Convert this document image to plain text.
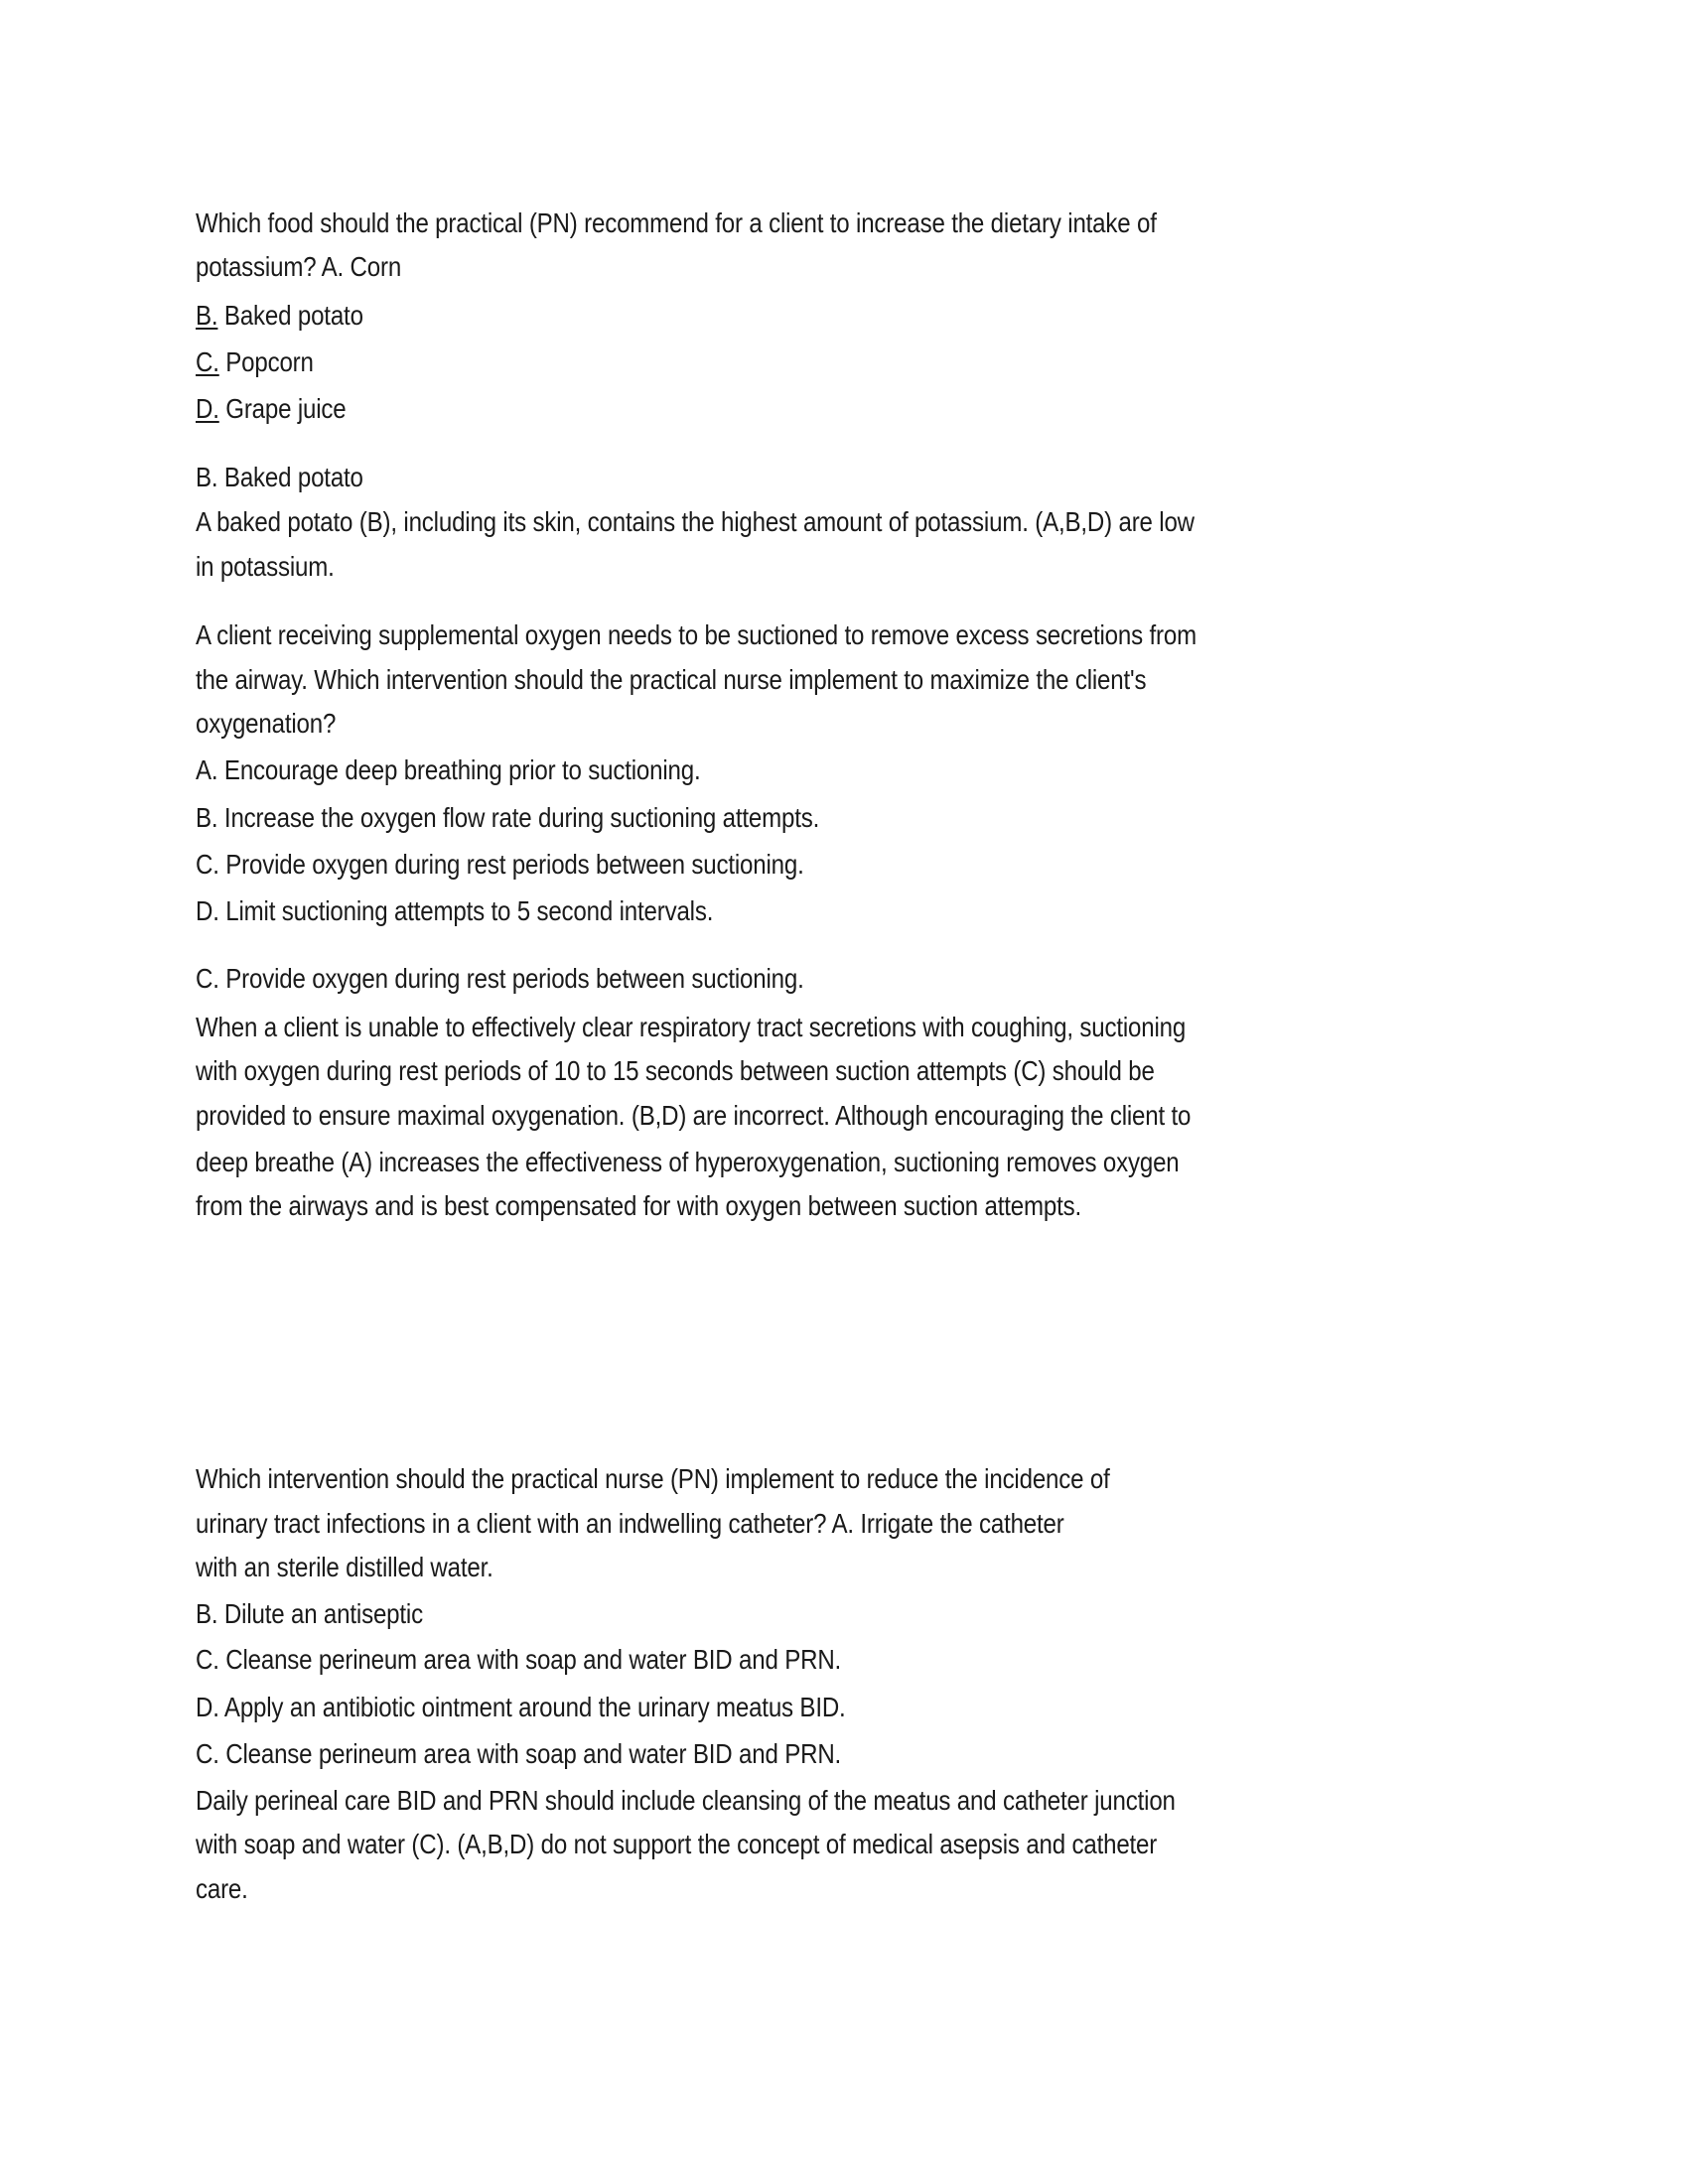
Which food should the practical (PN) recommend for a client to increase the dietary intake of
potassium? A. Corn
B. Baked potato
C. Popcorn
D. Grape juice
B. Baked potato
A baked potato (B), including its skin, contains the highest amount of potassium. (A,B,D) are low
in potassium.
A client receiving supplemental oxygen needs to be suctioned to remove excess secretions from
the airway. Which intervention should the practical nurse implement to maximize the client's
oxygenation?
A. Encourage deep breathing prior to suctioning.
B. Increase the oxygen flow rate during suctioning attempts.
C. Provide oxygen during rest periods between suctioning.
D. Limit suctioning attempts to 5 second intervals.
C. Provide oxygen during rest periods between suctioning.
When a client is unable to effectively clear respiratory tract secretions with coughing, suctioning
with oxygen during rest periods of 10 to 15 seconds between suction attempts (C) should be
provided to ensure maximal oxygenation. (B,D) are incorrect. Although encouraging the client to
deep breathe (A) increases the effectiveness of hyperoxygenation, suctioning removes oxygen
from the airways and is best compensated for with oxygen between suction attempts.
Which intervention should the practical nurse (PN) implement to reduce the incidence of
urinary tract infections in a client with an indwelling catheter? A. Irrigate the catheter
with an sterile distilled water.
B. Dilute an antiseptic
C. Cleanse perineum area with soap and water BID and PRN.
D. Apply an antibiotic ointment around the urinary meatus BID.
C. Cleanse perineum area with soap and water BID and PRN.
Daily perineal care BID and PRN should include cleansing of the meatus and catheter junction
with soap and water (C). (A,B,D) do not support the concept of medical asepsis and catheter
care.
